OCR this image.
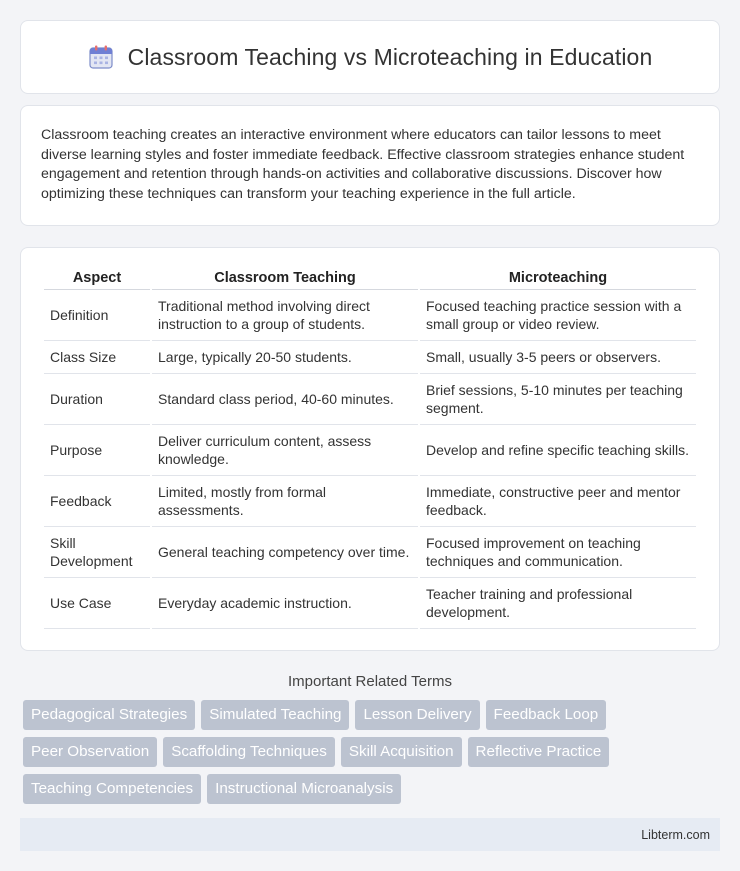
Classroom Teaching vs Microteaching in Education

Classroom teaching creates an interactive environment where educators can tailor lessons to meet diverse learning styles and foster immediate feedback. Effective classroom strategies enhance student engagement and retention through hands-on activities and collaborative discussions. Discover how optimizing these techniques can transform your teaching experience in the full article.

Aspect	Classroom Teaching	Microteaching
Definition	Traditional method involving direct instruction to a group of students.	Focused teaching practice session with a small group or video review.
Class Size	Large, typically 20-50 students.	Small, usually 3-5 peers or observers.
Duration	Standard class period, 40-60 minutes.	Brief sessions, 5-10 minutes per teaching segment.
Purpose	Deliver curriculum content, assess knowledge.	Develop and refine specific teaching skills.
Feedback	Limited, mostly from formal assessments.	Immediate, constructive peer and mentor feedback.
Skill Development	General teaching competency over time.	Focused improvement on teaching techniques and communication.
Use Case	Everyday academic instruction.	Teacher training and professional development.
Important Related Terms
Pedagogical Strategies	Simulated Teaching	Lesson Delivery	Feedback Loop
Peer Observation	Scaffolding Techniques	Skill Acquisition	Reflective Practice
Teaching Competencies	Instructional Microanalysis
Libterm.com
